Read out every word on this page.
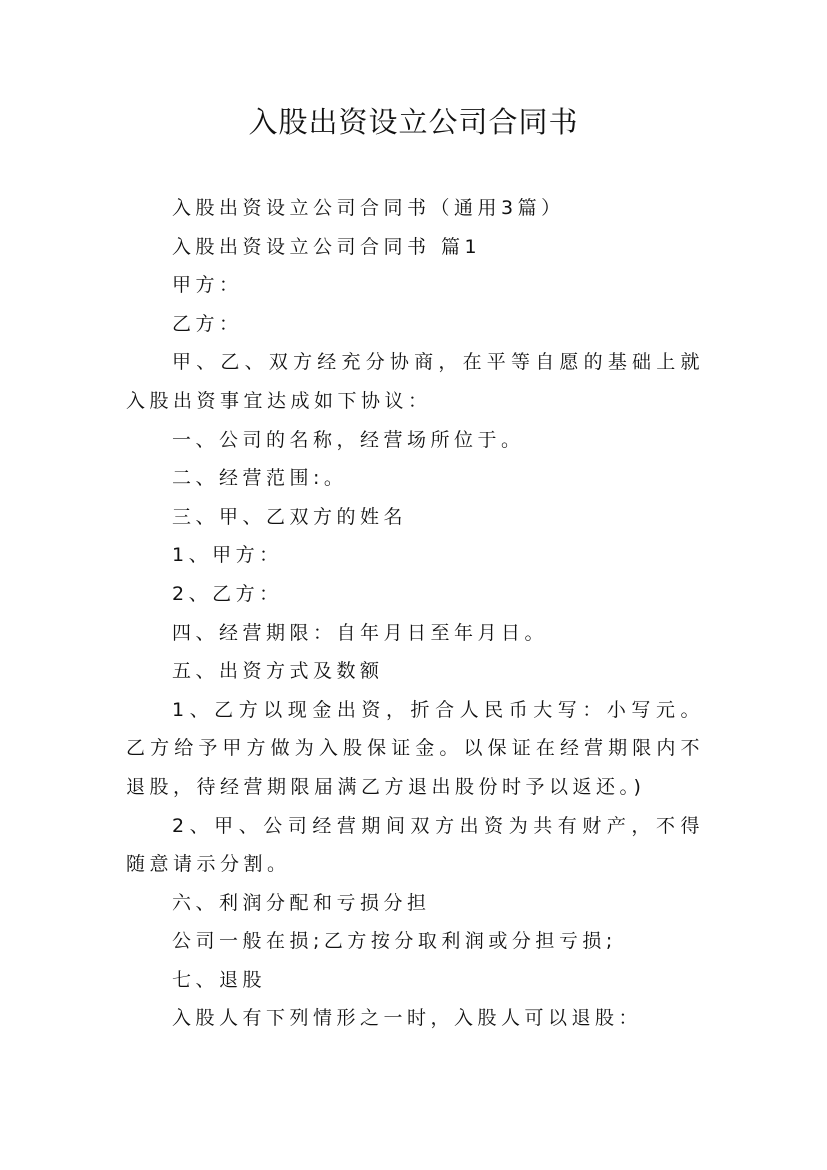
入股出资设立公司合同书

入股出资设立公司合同书（通用3篇）

入股出资设立公司合同书 篇1

甲方：

乙方：

甲、乙、双方经充分协商，在平等自愿的基础上就入股出资事宜达成如下协议：

一、公司的名称，经营场所位于。

二、经营范围:。

三、甲、乙双方的姓名

1、甲方：

2、乙方：

四、经营期限：自年月日至年月日。

五、出资方式及数额

1、乙方以现金出资，折合人民币大写：小写元。乙方给予甲方做为入股保证金。以保证在经营期限内不退股，待经营期限届满乙方退出股份时予以返还。)

2、甲、公司经营期间双方出资为共有财产，不得随意请示分割。

六、利润分配和亏损分担

公司一般在损;乙方按分取利润或分担亏损;

七、退股

入股人有下列情形之一时，入股人可以退股：
